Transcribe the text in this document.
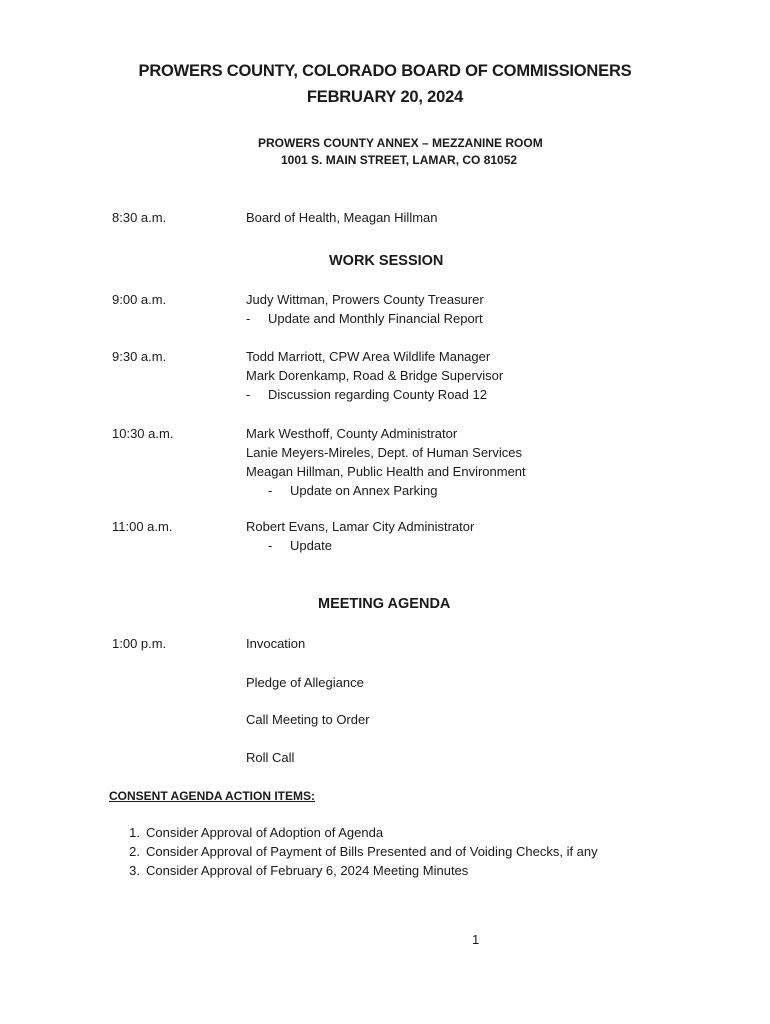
PROWERS COUNTY, COLORADO BOARD OF COMMISSIONERS
FEBRUARY 20, 2024
PROWERS COUNTY ANNEX – MEZZANINE ROOM
1001 S. MAIN STREET, LAMAR, CO 81052
8:30 a.m.	Board of Health, Meagan Hillman
WORK SESSION
9:00 a.m.	Judy Wittman, Prowers County Treasurer
- Update and Monthly Financial Report
9:30 a.m.	Todd Marriott, CPW Area Wildlife Manager
Mark Dorenkamp, Road & Bridge Supervisor
- Discussion regarding County Road 12
10:30 a.m.	Mark Westhoff, County Administrator
Lanie Meyers-Mireles, Dept. of Human Services
Meagan Hillman, Public Health and Environment
- Update on Annex Parking
11:00 a.m.	Robert Evans, Lamar City Administrator
- Update
MEETING AGENDA
1:00 p.m.	Invocation
Pledge of Allegiance
Call Meeting to Order
Roll Call
CONSENT AGENDA ACTION ITEMS:
1. Consider Approval of Adoption of Agenda
2. Consider Approval of Payment of Bills Presented and of Voiding Checks, if any
3. Consider Approval of February 6, 2024 Meeting Minutes
1
